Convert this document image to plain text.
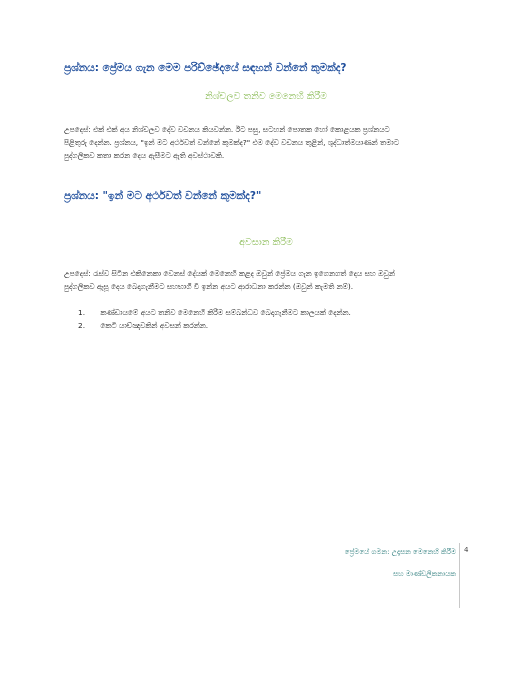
ප්‍රශ්නය: ප්‍රේමය ගැන මෙම පරිච්ඡේදයේ සඳහන් වන්නේ කුමක්ද?
නිශ්චලව තනිව මෙනෙහි කිරීම

උපදෙස්: එක් එක් අය නිශ්චලව දේව වචනය කියවන්න. ඊට පසු, සටහන් පොතක හෝ කොළයක ප්‍රශ්නයට

පිළිතුරු දෙන්න. ප්‍රශ්නය, "ඉන් මට අර්ථවත් වන්නේ කුමක්ද?" එම දේව වචනය තුළින්, ශුද්ධාත්මයාණන් තමාට

පුද්ගලිකව කතා කරන දෙය ඇසීමට ඇති අවස්ථාවකි.

ප්‍රශ්නය: "ඉන් මට අර්ථවත් වන්නේ කුමක්ද?"
අවසාන කිරීම

උපදෙස්: රැස්ව සිටින එකිනෙකා වෙනස් දේයක් මෙනෙහි කළද ඔවුන් ප්‍රේමය ගැන ඉගෙනගත් දෙය සහ ඔවුන්

පුද්ගලිකව ඇසූ දෙය බෙදාගැනීමට සහභාගී වී ඉන්න අයට ආරාධනා කරන්න (ඔවුන් කැමති නම්).

1. කණ්ඩායමේ අයට තනිව මෙනෙහි කිරීම සම්බන්ධව බෙදාගැනීමට කාලයක් දෙන්න.
2. කෙටි යාච්ඤාවකින් අවසන් කරන්න.
ප්‍රේමයේ ගමන: උදෑසන මෙනෙහි කිරීම
සහ මාණ්ඩලිකනායක
4
